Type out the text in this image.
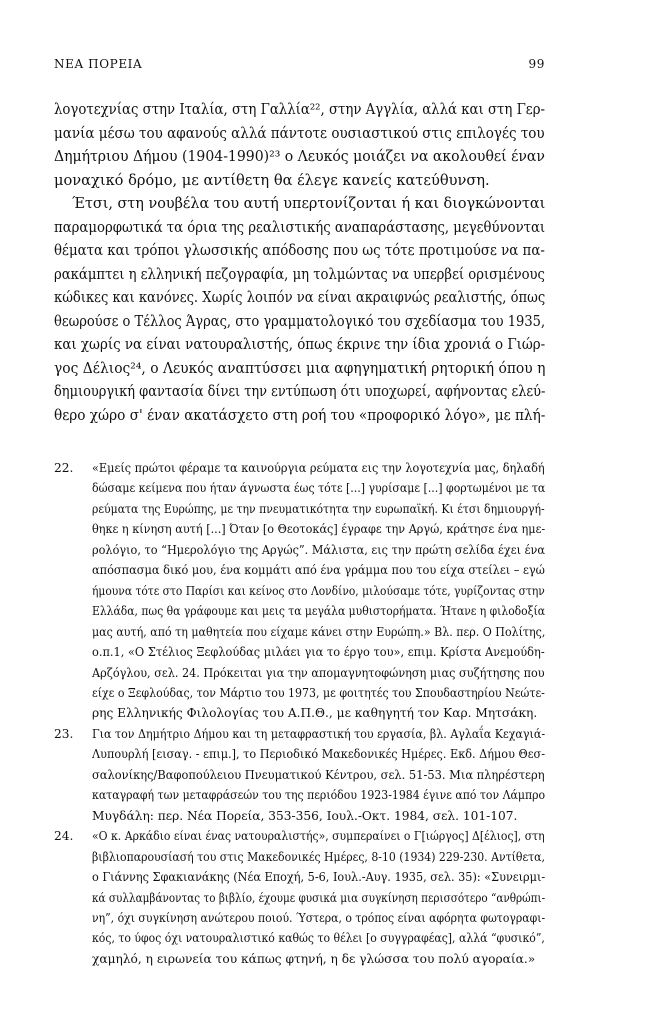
ΝΕΑ ΠΟΡΕΙΑ	99
λογοτεχνίας στην Ιταλία, στη Γαλλία²², στην Αγγλία, αλλά και στη Γερ-
μανία μέσω του αφανούς αλλά πάντοτε ουσιαστικού στις επιλογές του
Δημήτριου Δήμου (1904-1990)²³ ο Λευκός μοιάζει να ακολουθεί έναν
μοναχικό δρόμο, με αντίθετη θα έλεγε κανείς κατεύθυνση.
Έτσι, στη νουβέλα του αυτή υπερτονίζονται ή και διογκώνονται
παραμορφωτικά τα όρια της ρεαλιστικής αναπαράστασης, μεγεθύνονται
θέματα και τρόποι γλωσσικής απόδοσης που ως τότε προτιμούσε να πα-
ρακάμπτει η ελληνική πεζογραφία, μη τολμώντας να υπερβεί ορισμένους
κώδικες και κανόνες. Χωρίς λοιπόν να είναι ακραιφνώς ρεαλιστής, όπως
θεωρούσε ο Τέλλος Άγρας, στο γραμματολογικό του σχεδίασμα του 1935,
και χωρίς να είναι νατουραλιστής, όπως έκρινε την ίδια χρονιά ο Γιώρ-
γος Δέλιος²⁴, ο Λευκός αναπτύσσει μια αφηγηματική ρητορική όπου η
δημιουργική φαντασία δίνει την εντύπωση ότι υποχωρεί, αφήνοντας ελεύ-
θερο χώρο σ' έναν ακατάσχετο στη ροή του «προφορικό λόγο», με πλή-
22. «Εμείς πρώτοι φέραμε τα καινούργια ρεύματα εις την λογοτεχνία μας, δηλαδή
δώσαμε κείμενα που ήταν άγνωστα έως τότε [...] γυρίσαμε [...] φορτωμένοι με τα
ρεύματα της Ευρώπης, με την πνευματικότητα την ευρωπαϊκή. Κι έτσι δημιουργή-
θηκε η κίνηση αυτή [...] Όταν [ο Θεοτοκάς] έγραφε την Αργώ, κράτησε ένα ημε-
ρολόγιο, το “Ημερολόγιο της Αργώς”. Μάλιστα, εις την πρώτη σελίδα έχει ένα
απόσπασμα δικό μου, ένα κομμάτι από ένα γράμμα που του είχα στείλει – εγώ
ήμουνα τότε στο Παρίσι και κείνος στο Λονδίνο, μιλούσαμε τότε, γυρίζοντας στην
Ελλάδα, πως θα γράφουμε και μεις τα μεγάλα μυθιστορήματα. Ήτανε η φιλοδοξία
μας αυτή, από τη μαθητεία που είχαμε κάνει στην Ευρώπη.» Βλ. περ. Ο Πολίτης,
ο.π.1, «Ο Στέλιος Ξεφλούδας μιλάει για το έργο του», επιμ. Κρίστα Ανεμούδη-
Αρζόγλου, σελ. 24. Πρόκειται για την απομαγνητοφώνηση μιας συζήτησης που
είχε ο Ξεφλούδας, τον Μάρτιο του 1973, με φοιτητές του Σπουδαστηρίου Νεώτε-
ρης Ελληνικής Φιλολογίας του Α.Π.Θ., με καθηγητή τον Καρ. Μητσάκη.
23. Για τον Δημήτριο Δήμου και τη μεταφραστική του εργασία, βλ. Αγλαΐα Κεχαγιά-
Λυπουρλή [εισαγ. - επιμ.], το Περιοδικό Μακεδονικές Ημέρες. Εκδ. Δήμου Θεσ-
σαλονίκης/Βαφοπούλειου Πνευματικού Κέντρου, σελ. 51-53. Μια πληρέστερη
καταγραφή των μεταφράσεών του της περιόδου 1923-1984 έγινε από τον Λάμπρο
Μυγδάλη: περ. Νέα Πορεία, 353-356, Ιουλ.-Οκτ. 1984, σελ. 101-107.
24. «Ο κ. Αρκάδιο είναι ένας νατουραλιστής», συμπεραίνει ο Γ[ιώργος] Δ[έλιος], στη
βιβλιοπαρουσίασή του στις Μακεδονικές Ημέρες, 8-10 (1934) 229-230. Αντίθετα,
ο Γιάννης Σφακιανάκης (Νέα Εποχή, 5-6, Ιουλ.-Αυγ. 1935, σελ. 35): «Συνειρμι-
κά συλλαμβάνοντας το βιβλίο, έχουμε φυσικά μια συγκίνηση περισσότερο “ανθρώπι-
νη”, όχι συγκίνηση ανώτερου ποιού. Ύστερα, ο τρόπος είναι αφόρητα φωτογραφι-
κός, το ύφος όχι νατουραλιστικό καθώς το θέλει [ο συγγραφέας], αλλά “φυσικό”,
χαμηλό, η ειρωνεία του κάπως φτηνή, η δε γλώσσα του πολύ αγοραία.»
